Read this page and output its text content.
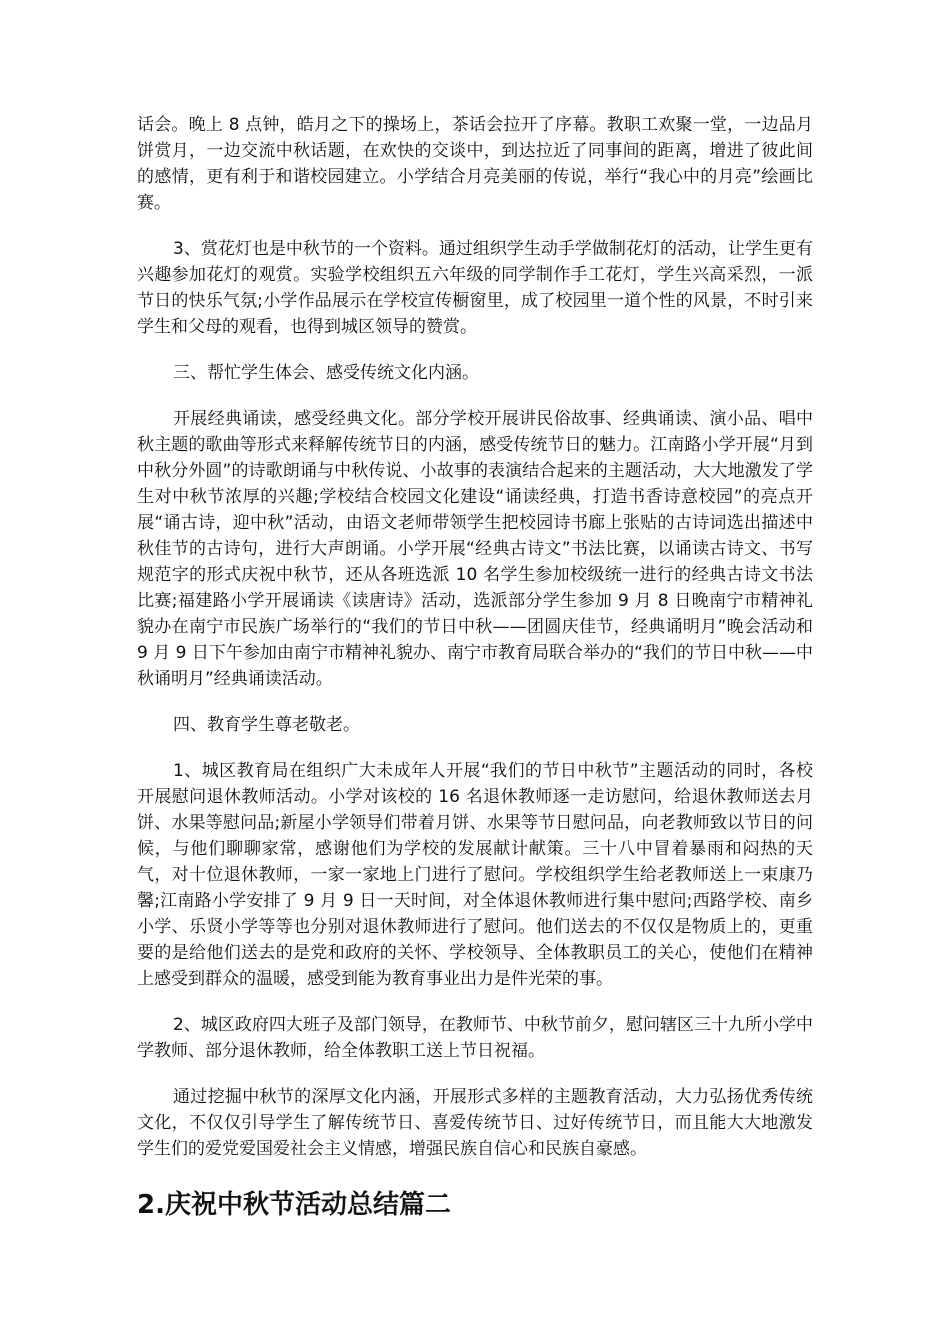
话会。晚上 8 点钟，皓月之下的操场上，茶话会拉开了序幕。教职工欢聚一堂，一边品月饼赏月，一边交流中秋话题，在欢快的交谈中，到达拉近了同事间的距离，增进了彼此间的感情，更有利于和谐校园建立。小学结合月亮美丽的传说，举行“我心中的月亮”绘画比赛。

3、赏花灯也是中秋节的一个资料。通过组织学生动手学做制花灯的活动，让学生更有兴趣参加花灯的观赏。实验学校组织五六年级的同学制作手工花灯，学生兴高采烈，一派节日的快乐气氛;小学作品展示在学校宣传橱窗里，成了校园里一道个性的风景，不时引来学生和父母的观看，也得到城区领导的赞赏。

三、帮忙学生体会、感受传统文化内涵。

开展经典诵读，感受经典文化。部分学校开展讲民俗故事、经典诵读、演小品、唱中秋主题的歌曲等形式来释解传统节日的内涵，感受传统节日的魅力。江南路小学开展“月到中秋分外圆”的诗歌朗诵与中秋传说、小故事的表演结合起来的主题活动，大大地激发了学生对中秋节浓厚的兴趣;学校结合校园文化建设“诵读经典，打造书香诗意校园”的亮点开展“诵古诗，迎中秋”活动，由语文老师带领学生把校园诗书廊上张贴的古诗词选出描述中秋佳节的古诗句，进行大声朗诵。小学开展“经典古诗文”书法比赛，以诵读古诗文、书写规范字的形式庆祝中秋节，还从各班选派 10 名学生参加校级统一进行的经典古诗文书法比赛;福建路小学开展诵读《读唐诗》活动，选派部分学生参加 9 月 8 日晚南宁市精神礼貌办在南宁市民族广场举行的“我们的节日中秋——团圆庆佳节，经典诵明月”晚会活动和 9 月 9 日下午参加由南宁市精神礼貌办、南宁市教育局联合举办的“我们的节日中秋——中秋诵明月”经典诵读活动。

四、教育学生尊老敬老。

1、城区教育局在组织广大未成年人开展“我们的节日中秋节”主题活动的同时，各校开展慰问退休教师活动。小学对该校的 16 名退休教师逐一走访慰问，给退休教师送去月饼、水果等慰问品;新屋小学领导们带着月饼、水果等节日慰问品，向老教师致以节日的问候，与他们聊聊家常，感谢他们为学校的发展献计献策。三十八中冒着暴雨和闷热的天气，对十位退休教师，一家一家地上门进行了慰问。学校组织学生给老教师送上一束康乃馨;江南路小学安排了 9 月 9 日一天时间，对全体退休教师进行集中慰问;西路学校、南乡小学、乐贤小学等等也分别对退休教师进行了慰问。他们送去的不仅仅是物质上的，更重要的是给他们送去的是党和政府的关怀、学校领导、全体教职员工的关心，使他们在精神上感受到群众的温暖，感受到能为教育事业出力是件光荣的事。

2、城区政府四大班子及部门领导，在教师节、中秋节前夕，慰问辖区三十九所小学中学教师、部分退休教师，给全体教职工送上节日祝福。

通过挖掘中秋节的深厚文化内涵，开展形式多样的主题教育活动，大力弘扬优秀传统文化，不仅仅引导学生了解传统节日、喜爱传统节日、过好传统节日，而且能大大地激发学生们的爱党爱国爱社会主义情感，增强民族自信心和民族自豪感。

2.庆祝中秋节活动总结篇二
